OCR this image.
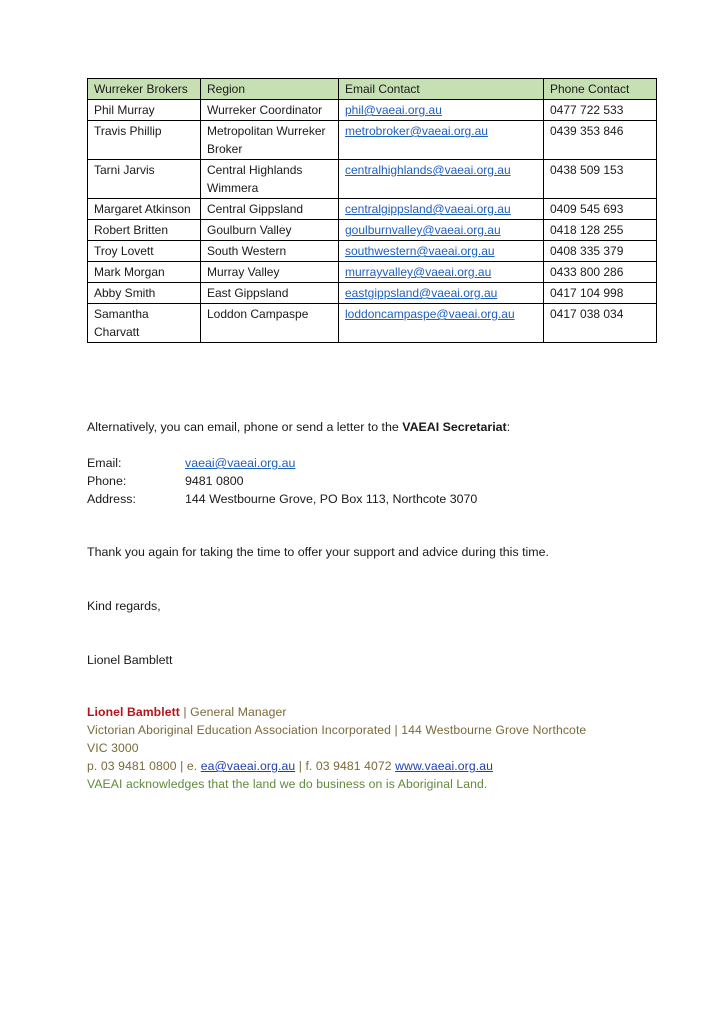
Wurreker Brokers	Region	Email Contact	Phone Contact
Phil Murray	Wurreker Coordinator	phil@vaeai.org.au	0477 722 533
Travis Phillip	Metropolitan Wurreker Broker	metrobroker@vaeai.org.au	0439 353 846
Tarni Jarvis	Central Highlands Wimmera	centralhighlands@vaeai.org.au	0438 509 153
Margaret Atkinson	Central Gippsland	centralgippsland@vaeai.org.au	0409 545 693
Robert Britten	Goulburn Valley	goulburnvalley@vaeai.org.au	0418 128 255
Troy Lovett	South Western	southwestern@vaeai.org.au	0408 335 379
Mark Morgan	Murray Valley	murrayvalley@vaeai.org.au	0433 800 286
Abby Smith	East Gippsland	eastgippsland@vaeai.org.au	0417 104 998
Samantha Charvatt	Loddon Campaspe	loddoncampaspe@vaeai.org.au	0417 038 034
Alternatively, you can email, phone or send a letter to the VAEAI Secretariat:
Email:	vaeai@vaeai.org.au
Phone:	9481 0800
Address:	144 Westbourne Grove, PO Box 113, Northcote 3070
Thank you again for taking the time to offer your support and advice during this time.
Kind regards,
Lionel Bamblett
Lionel Bamblett | General Manager
Victorian Aboriginal Education Association Incorporated | 144 Westbourne Grove Northcote
VIC 3000
p. 03 9481 0800 | e. ea@vaeai.org.au | f. 03 9481 4072 www.vaeai.org.au
VAEAI acknowledges that the land we do business on is Aboriginal Land.
